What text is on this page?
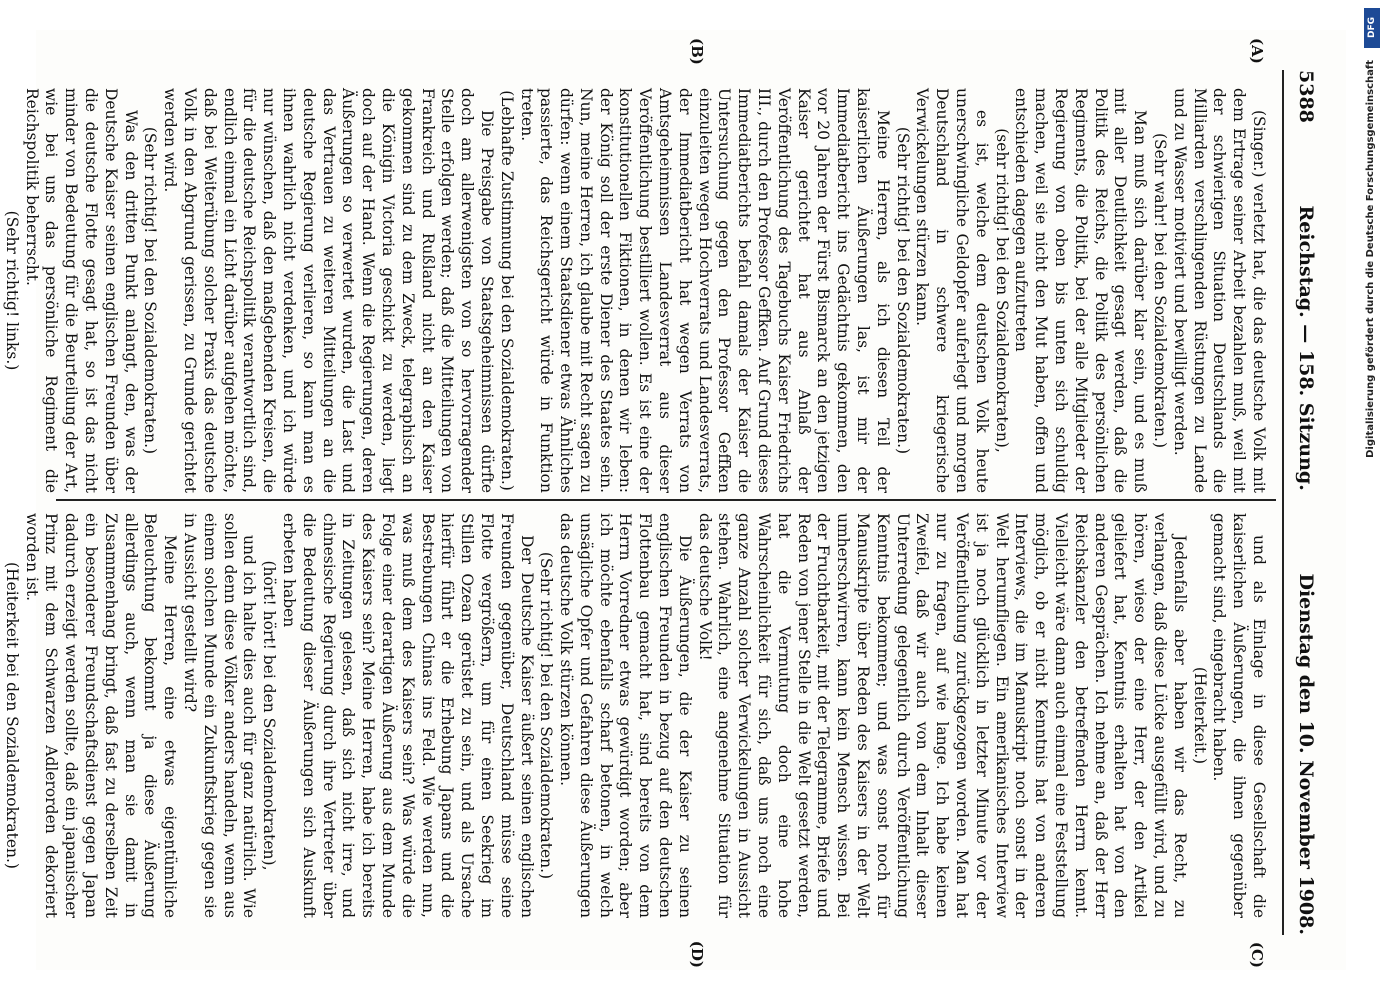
5388
Reichstag. — 158. Sitzung.
Dienstag den 10. November 1908.
(A)
(B)
(C)
(D)

(Singer.) verletzt hat, die das deutsche Volk mit dem Ertrage seiner Arbeit bezahlen muß, weil mit der schwierigen Situation Deutschlands die Milliarden verschlingenden Rüstungen zu Lande und zu Wasser motiviert und bewilligt werden.

(Sehr wahr! bei den Sozialdemokraten.)

Man muß sich darüber klar sein, und es muß mit aller Deutlichkeit gesagt werden, daß die Politik des Reichs, die Politik des persönlichen Regiments, die Politik, bei der alle Mitglieder der Regierung von oben bis unten sich schuldig machen, weil sie nicht den Mut haben, offen und entschieden dagegen aufzutreten

(sehr richtig! bei den Sozialdemokraten),

es ist, welche dem deutschen Volk heute unerschwingliche Geldopfer auferlegt und morgen Deutschland in schwere kriegerische Verwickelungen stürzen kann.

(Sehr richtig! bei den Sozialdemokraten.)

Meine Herren, als ich diesen Teil der kaiserlichen Äußerungen las, ist mir der Immediatbericht ins Gedächtnis gekommen, den vor 20 Jahren der Fürst Bismarck an den jetzigen Kaiser gerichtet hat aus Anlaß der Veröffentlichung des Tagebuchs Kaiser Friedrichs III., durch den Professor Geffken. Auf Grund dieses Immediatberichts befahl damals der Kaiser die Untersuchung gegen den Professor Geffken einzuleiten wegen Hochverrats und Landesverrats, der Immediatbericht hat wegen Verrats von Amtsgeheimnissen Landesverrat aus dieser Veröffentlichung bestilliert wollen. Es ist eine der konstitutionellen Fiktionen, in denen wir leben: der König soll der erste Diener des Staates sein. Nun, meine Herren, ich glaube mit Recht sagen zu dürfen: wenn einem Staatsdiener etwas Ähnliches passierte, das Reichsgericht würde in Funktion treten.

(Lebhafte Zustimmung bei den Sozialdemokraten.)

Die Preisgabe von Staatsgeheimnissen dürfte doch am allerwenigsten von so hervorragender Stelle erfolgen werden; daß die Mitteilungen von Frankreich und Rußland nicht an den Kaiser gekommen sind zu dem Zweck, telegraphisch an die Königin Victoria geschickt zu werden, liegt doch auf der Hand. Wenn die Regierungen, deren Äußerungen so verwertet wurden, die Last und das Vertrauen zu weiteren Mitteilungen an die deutsche Regierung verlieren, so kann man es ihnen wahrlich nicht verdenken, und ich würde nur wünschen, daß den maßgebenden Kreisen, die für die deutsche Reichspolitik verantwortlich sind, endlich einmal ein Licht darüber aufgehen möchte, daß bei Weiterübung solcher Praxis das deutsche Volk in den Abgrund gerissen, zu Grunde gerichtet werden wird.

(Sehr richtig! bei den Sozialdemokraten.)

Was den dritten Punkt anlangt, den, was der Deutsche Kaiser seinen englischen Freunden über die deutsche Flotte gesagt hat, so ist das nicht minder von Bedeutung für die Beurteilung der Art, wie bei uns das persönliche Regiment die Reichspolitik beherrscht.

(Sehr richtig! links.)

und als Einlage in diese Gesellschaft die kaiserlichen Äußerungen, die ihnen gegenüber gemacht sind, eingebracht haben.

(Heiterkeit.)

Jedenfalls aber haben wir das Recht, zu verlangen, daß diese Lücke ausgefüllt wird, und zu hören, wieso der eine Herr, der den Artikel geliefert hat, Kenntnis erhalten hat von den anderen Gesprächen. Ich nehme an, daß der Herr Reichskanzler den betreffenden Herrn kennt. Vielleicht wäre dann auch einmal eine Feststellung möglich, ob er nicht Kenntnis hat von anderen Interviews, die im Manuskript noch sonst in der Welt herumfliegen. Ein amerikanisches Interview ist ja noch glücklich in letzter Minute vor der Veröffentlichung zurückgezogen worden. Man hat nur zu fragen, auf wie lange. Ich habe keinen Zweifel, daß wir auch von dem Inhalt dieser Unterredung gelegentlich durch Veröffentlichung Kenntnis bekommen; und was sonst noch für Manuskripte über Reden des Kaisers in der Welt umherschwirren, kann kein Mensch wissen. Bei der Fruchtbarkeit, mit der Telegramme, Briefe und Reden von jener Stelle in die Welt gesetzt werden, hat die Vermutung doch eine hohe Wahrscheinlichkeit für sich, daß uns noch eine ganze Anzahl solcher Verwickelungen in Aussicht stehen. Wahrlich, eine angenehme Situation für das deutsche Volk!

Die Äußerungen, die der Kaiser zu seinen englischen Freunden in bezug auf den deutschen Flottenbau gemacht hat, sind bereits von dem Herrn Vorredner etwas gewürdigt worden; aber ich möchte ebenfalls scharf betonen, in welch unsägliche Opfer und Gefahren diese Äußerungen das deutsche Volk stürzen können.

(Sehr richtig! bei den Sozialdemokraten.)

Der Deutsche Kaiser äußert seinen englischen Freunden gegenüber, Deutschland müsse seine Flotte vergrößern, um für einen Seekrieg im Stillen Ozean gerüstet zu sein, und als Ursache hierfür führt er die Erhebung Japans und die Bestrebungen Chinas ins Feld. Wie werden nun, was muß dem des Kaisers sein? Was würde die Folge einer derartigen Äußerung aus dem Munde des Kaisers sein? Meine Herren, habe ich bereits in Zeitungen gelesen, daß sich nicht irre, und chinesische Regierung durch ihre Vertreter über die Bedeutung dieser Äußerungen sich Auskunft erbeten haben

(hört! hört! bei den Sozialdemokraten),

und ich halte dies auch für ganz natürlich. Wie sollen denn diese Völker anders handeln, wenn aus einem solchen Munde ein Zukunftskrieg gegen sie in Aussicht gestellt wird?

Meine Herren, eine etwas eigentümliche Beleuchtung bekommt ja diese Äußerung allerdings auch, wenn man sie damit in Zusammenhang bringt, daß fast zu derselben Zeit ein besonderer Freundschaftsdienst gegen Japan dadurch erzeigt werden sollte, daß ein japanischer Prinz mit dem Schwarzen Adlerorden dekoriert worden ist.

(Heiterkeit bei den Sozialdemokraten.)

Digitalisierung gefördert durch die Deutsche Forschungsgemeinschaft
DFG
